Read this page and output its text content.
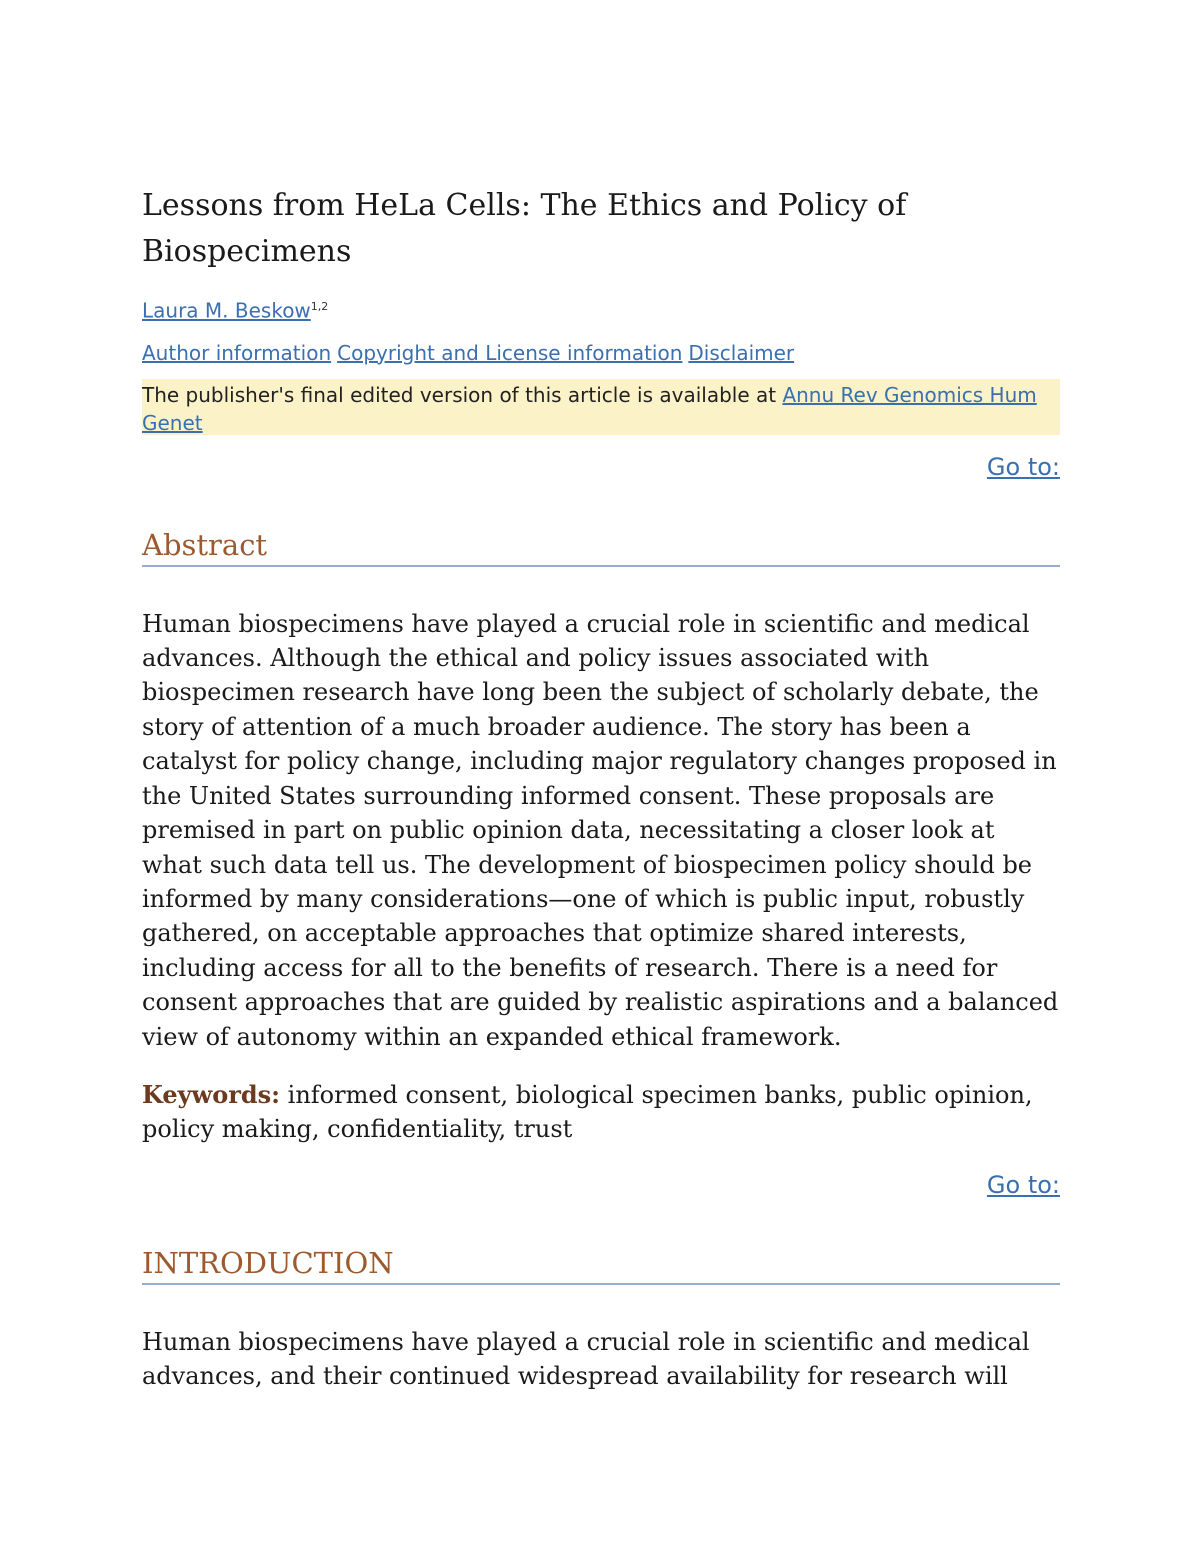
Lessons from HeLa Cells: The Ethics and Policy of Biospecimens
Laura M. Beskow$^{1,2}$
Author information Copyright and License information Disclaimer
The publisher's final edited version of this article is available at Annu Rev Genomics Hum Genet
Go to:
Abstract

Human biospecimens have played a crucial role in scientific and medical advances. Although the ethical and policy issues associated with biospecimen research have long been the subject of scholarly debate, the story of attention of a much broader audience. The story has been a catalyst for policy change, including major regulatory changes proposed in the United States surrounding informed consent. These proposals are premised in part on public opinion data, necessitating a closer look at what such data tell us. The development of biospecimen policy should be informed by many considerations—one of which is public input, robustly gathered, on acceptable approaches that optimize shared interests, including access for all to the benefits of research. There is a need for consent approaches that are guided by realistic aspirations and a balanced view of autonomy within an expanded ethical framework.

Keywords: informed consent, biological specimen banks, public opinion, policy making, confidentiality, trust

Go to:
INTRODUCTION

Human biospecimens have played a crucial role in scientific and medical advances, and their continued widespread availability for research will
